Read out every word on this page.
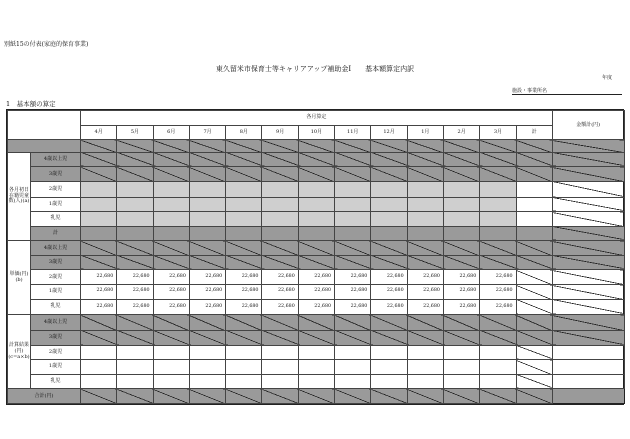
別紙15の付表(家庭的保育事業)
東久留米市保育士等キャリアアップ補助金Ⅰ　　基本額算定内訳
年度
施設・事業所名
1　基本額の算定
		各月算定													金額計(円)
		4月	5月	6月	7月	8月	9月	10月	11月	12月	1月	2月	3月	計	

各月初日在籍児童数(人)(a)	4歳以上児														
	3歳児														
	2歳児														
	1歳児														
	乳児														
	計														
単価(円)(b)	4歳以上児														
	3歳児														
	2歳児	22,680	22,680	22,680	22,680	22,680	22,680	22,680	22,680	22,680	22,680	22,680	22,680		
	1歳児	22,680	22,680	22,680	22,680	22,680	22,680	22,680	22,680	22,680	22,680	22,680	22,680		
	乳児	22,680	22,680	22,680	22,680	22,680	22,680	22,680	22,680	22,680	22,680	22,680	22,680		
計算結果(円)(c=a×b)	4歳以上児														
	3歳児														
	2歳児														
	1歳児														
	乳児														
合計(円)															
